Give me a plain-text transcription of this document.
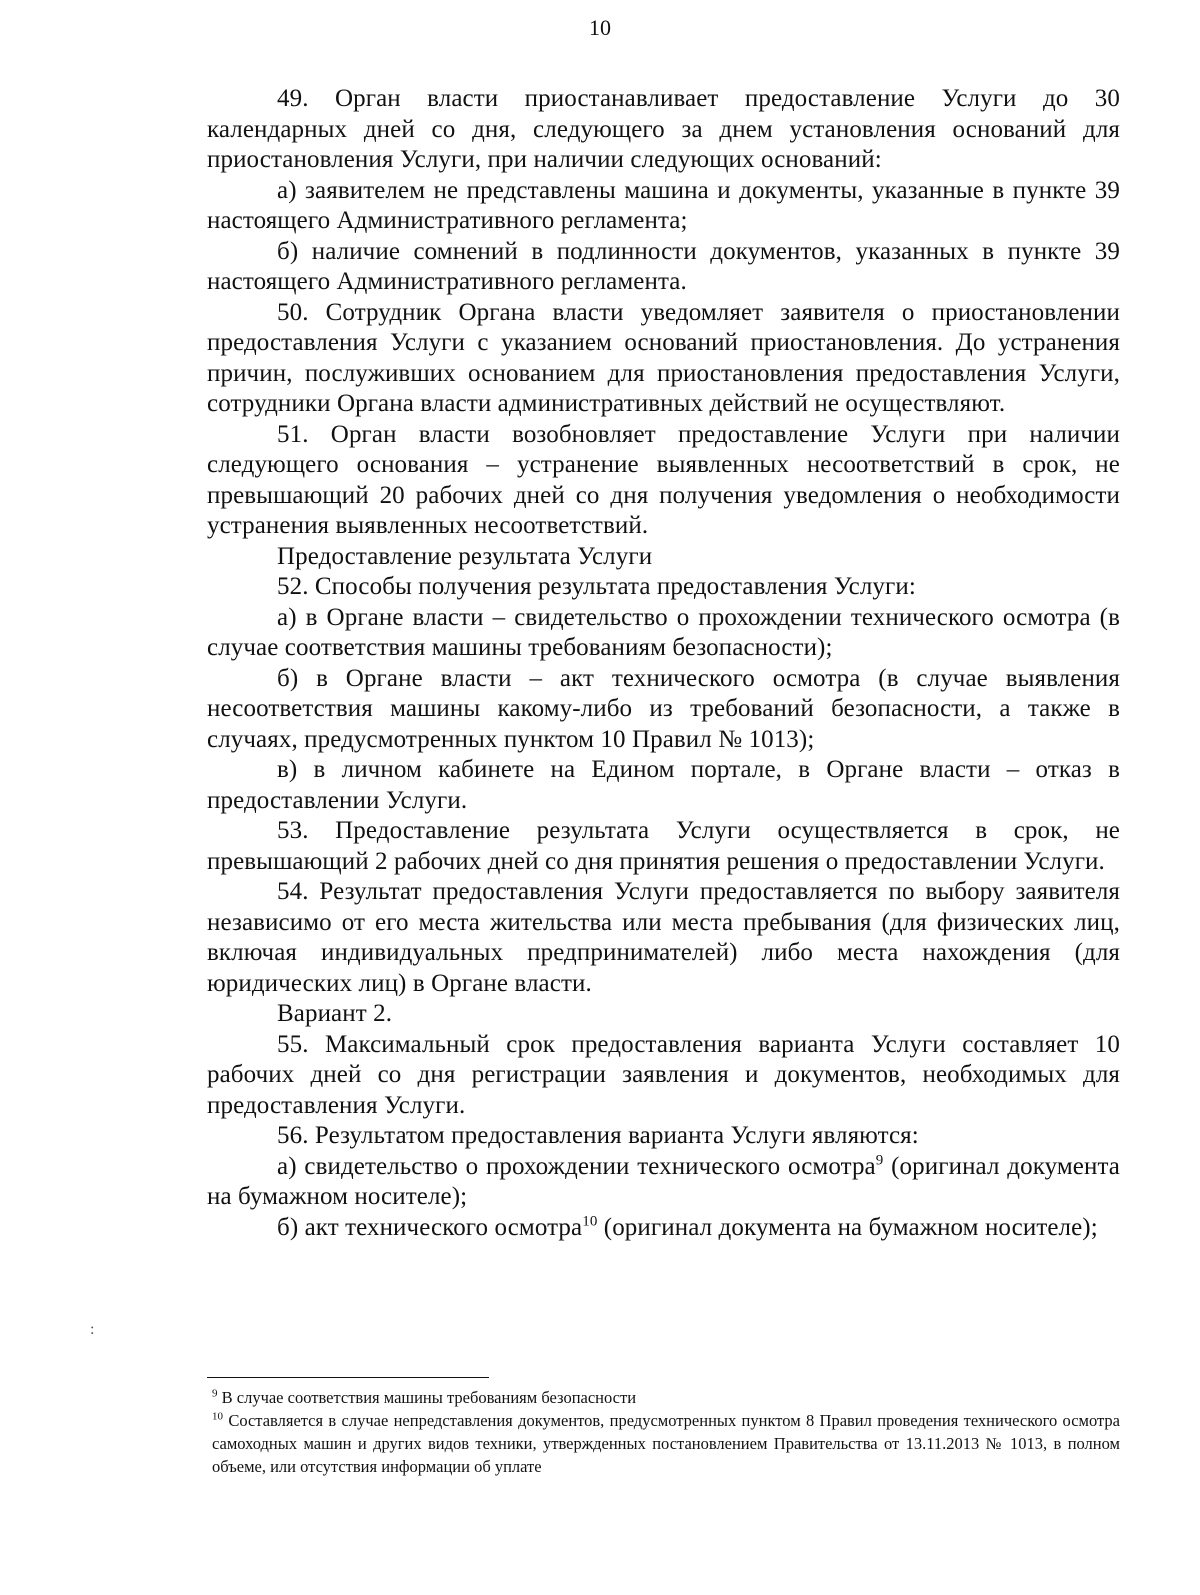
10

49. Орган власти приостанавливает предоставление Услуги до 30 календарных дней со дня, следующего за днем установления оснований для приостановления Услуги, при наличии следующих оснований:

а) заявителем не представлены машина и документы, указанные в пункте 39 настоящего Административного регламента;

б) наличие сомнений в подлинности документов, указанных в пункте 39 настоящего Административного регламента.

50. Сотрудник Органа власти уведомляет заявителя о приостановлении предоставления Услуги с указанием оснований приостановления. До устранения причин, послуживших основанием для приостановления предоставления Услуги, сотрудники Органа власти административных действий не осуществляют.

51. Орган власти возобновляет предоставление Услуги при наличии следующего основания – устранение выявленных несоответствий в срок, не превышающий 20 рабочих дней со дня получения уведомления о необходимости устранения выявленных несоответствий.

Предоставление результата Услуги

52. Способы получения результата предоставления Услуги:

а) в Органе власти – свидетельство о прохождении технического осмотра (в случае соответствия машины требованиям безопасности);

б) в Органе власти – акт технического осмотра (в случае выявления несоответствия машины какому-либо из требований безопасности, а также в случаях, предусмотренных пунктом 10 Правил № 1013);

в) в личном кабинете на Едином портале, в Органе власти – отказ в предоставлении Услуги.

53. Предоставление результата Услуги осуществляется в срок, не превышающий 2 рабочих дней со дня принятия решения о предоставлении Услуги.

54. Результат предоставления Услуги предоставляется по выбору заявителя независимо от его места жительства или места пребывания (для физических лиц, включая индивидуальных предпринимателей) либо места нахождения (для юридических лиц) в Органе власти.

Вариант 2.

55. Максимальный срок предоставления варианта Услуги составляет 10 рабочих дней со дня регистрации заявления и документов, необходимых для предоставления Услуги.

56. Результатом предоставления варианта Услуги являются:

а) свидетельство о прохождении технического осмотра$^9$ (оригинал документа на бумажном носителе);

б) акт технического осмотра$^{10}$ (оригинал документа на бумажном носителе);

:

$^9$ В случае соответствия машины требованиям безопасности

$^{10}$ Составляется в случае непредставления документов, предусмотренных пунктом 8 Правил проведения технического осмотра самоходных машин и других видов техники, утвержденных постановлением Правительства от 13.11.2013 № 1013, в полном объеме, или отсутствия информации об уплате
